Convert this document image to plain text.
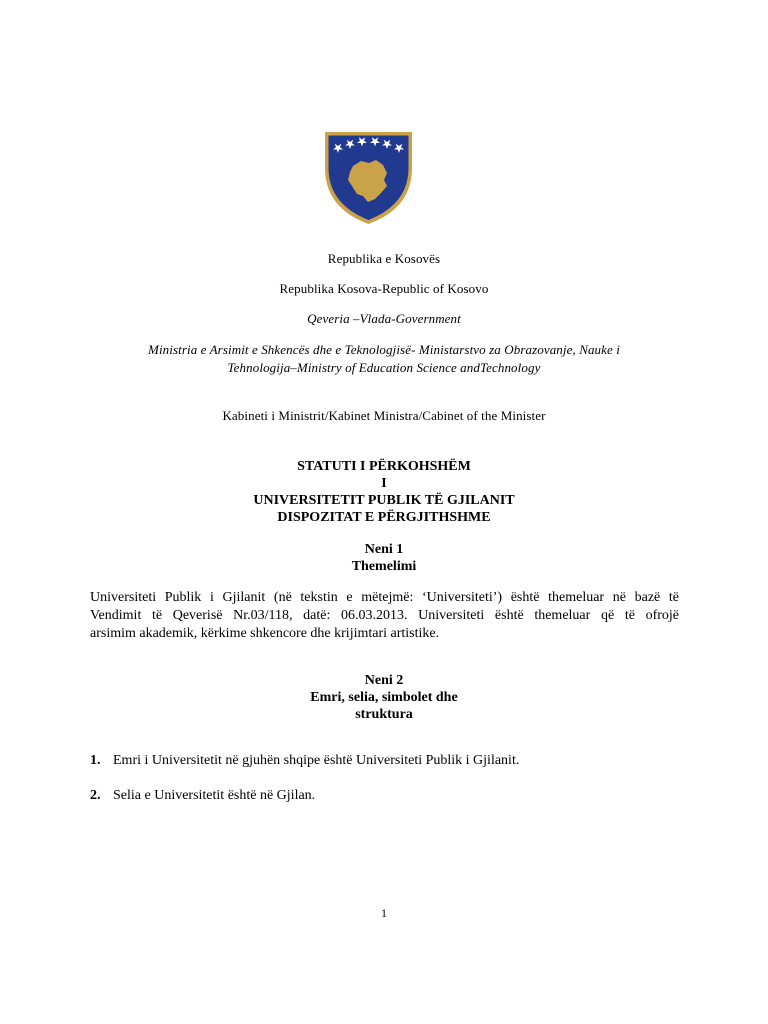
Republika e Kosovës
Republika Kosova-Republic of Kosovo
Qeveria –Vlada-Government
Ministria e Arsimit e Shkencës dhe e Teknologjisë- Ministarstvo za Obrazovanje, Nauke i
Tehnologija–Ministry of Education Science andTechnology
Kabineti i Ministrit/Kabinet Ministra/Cabinet of the Minister
STATUTI I PËRKOHSHËM
I
UNIVERSITETIT PUBLIK TË GJILANIT
DISPOZITAT E PËRGJITHSHME
Neni 1
Themelimi
Universiteti Publik i Gjilanit (në tekstin e mëtejmë: ‘Universiteti’) është themeluar në bazë të
Vendimit të Qeverisë Nr.03/118, datë: 06.03.2013. Universiteti është themeluar që të ofrojë
arsimim akademik, kërkime shkencore dhe krijimtari artistike.
Neni 2
Emri, selia, simbolet dhe
struktura
1. Emri i Universitetit në gjuhën shqipe është Universiteti Publik i Gjilanit.
2. Selia e Universitetit është në Gjilan.
1
